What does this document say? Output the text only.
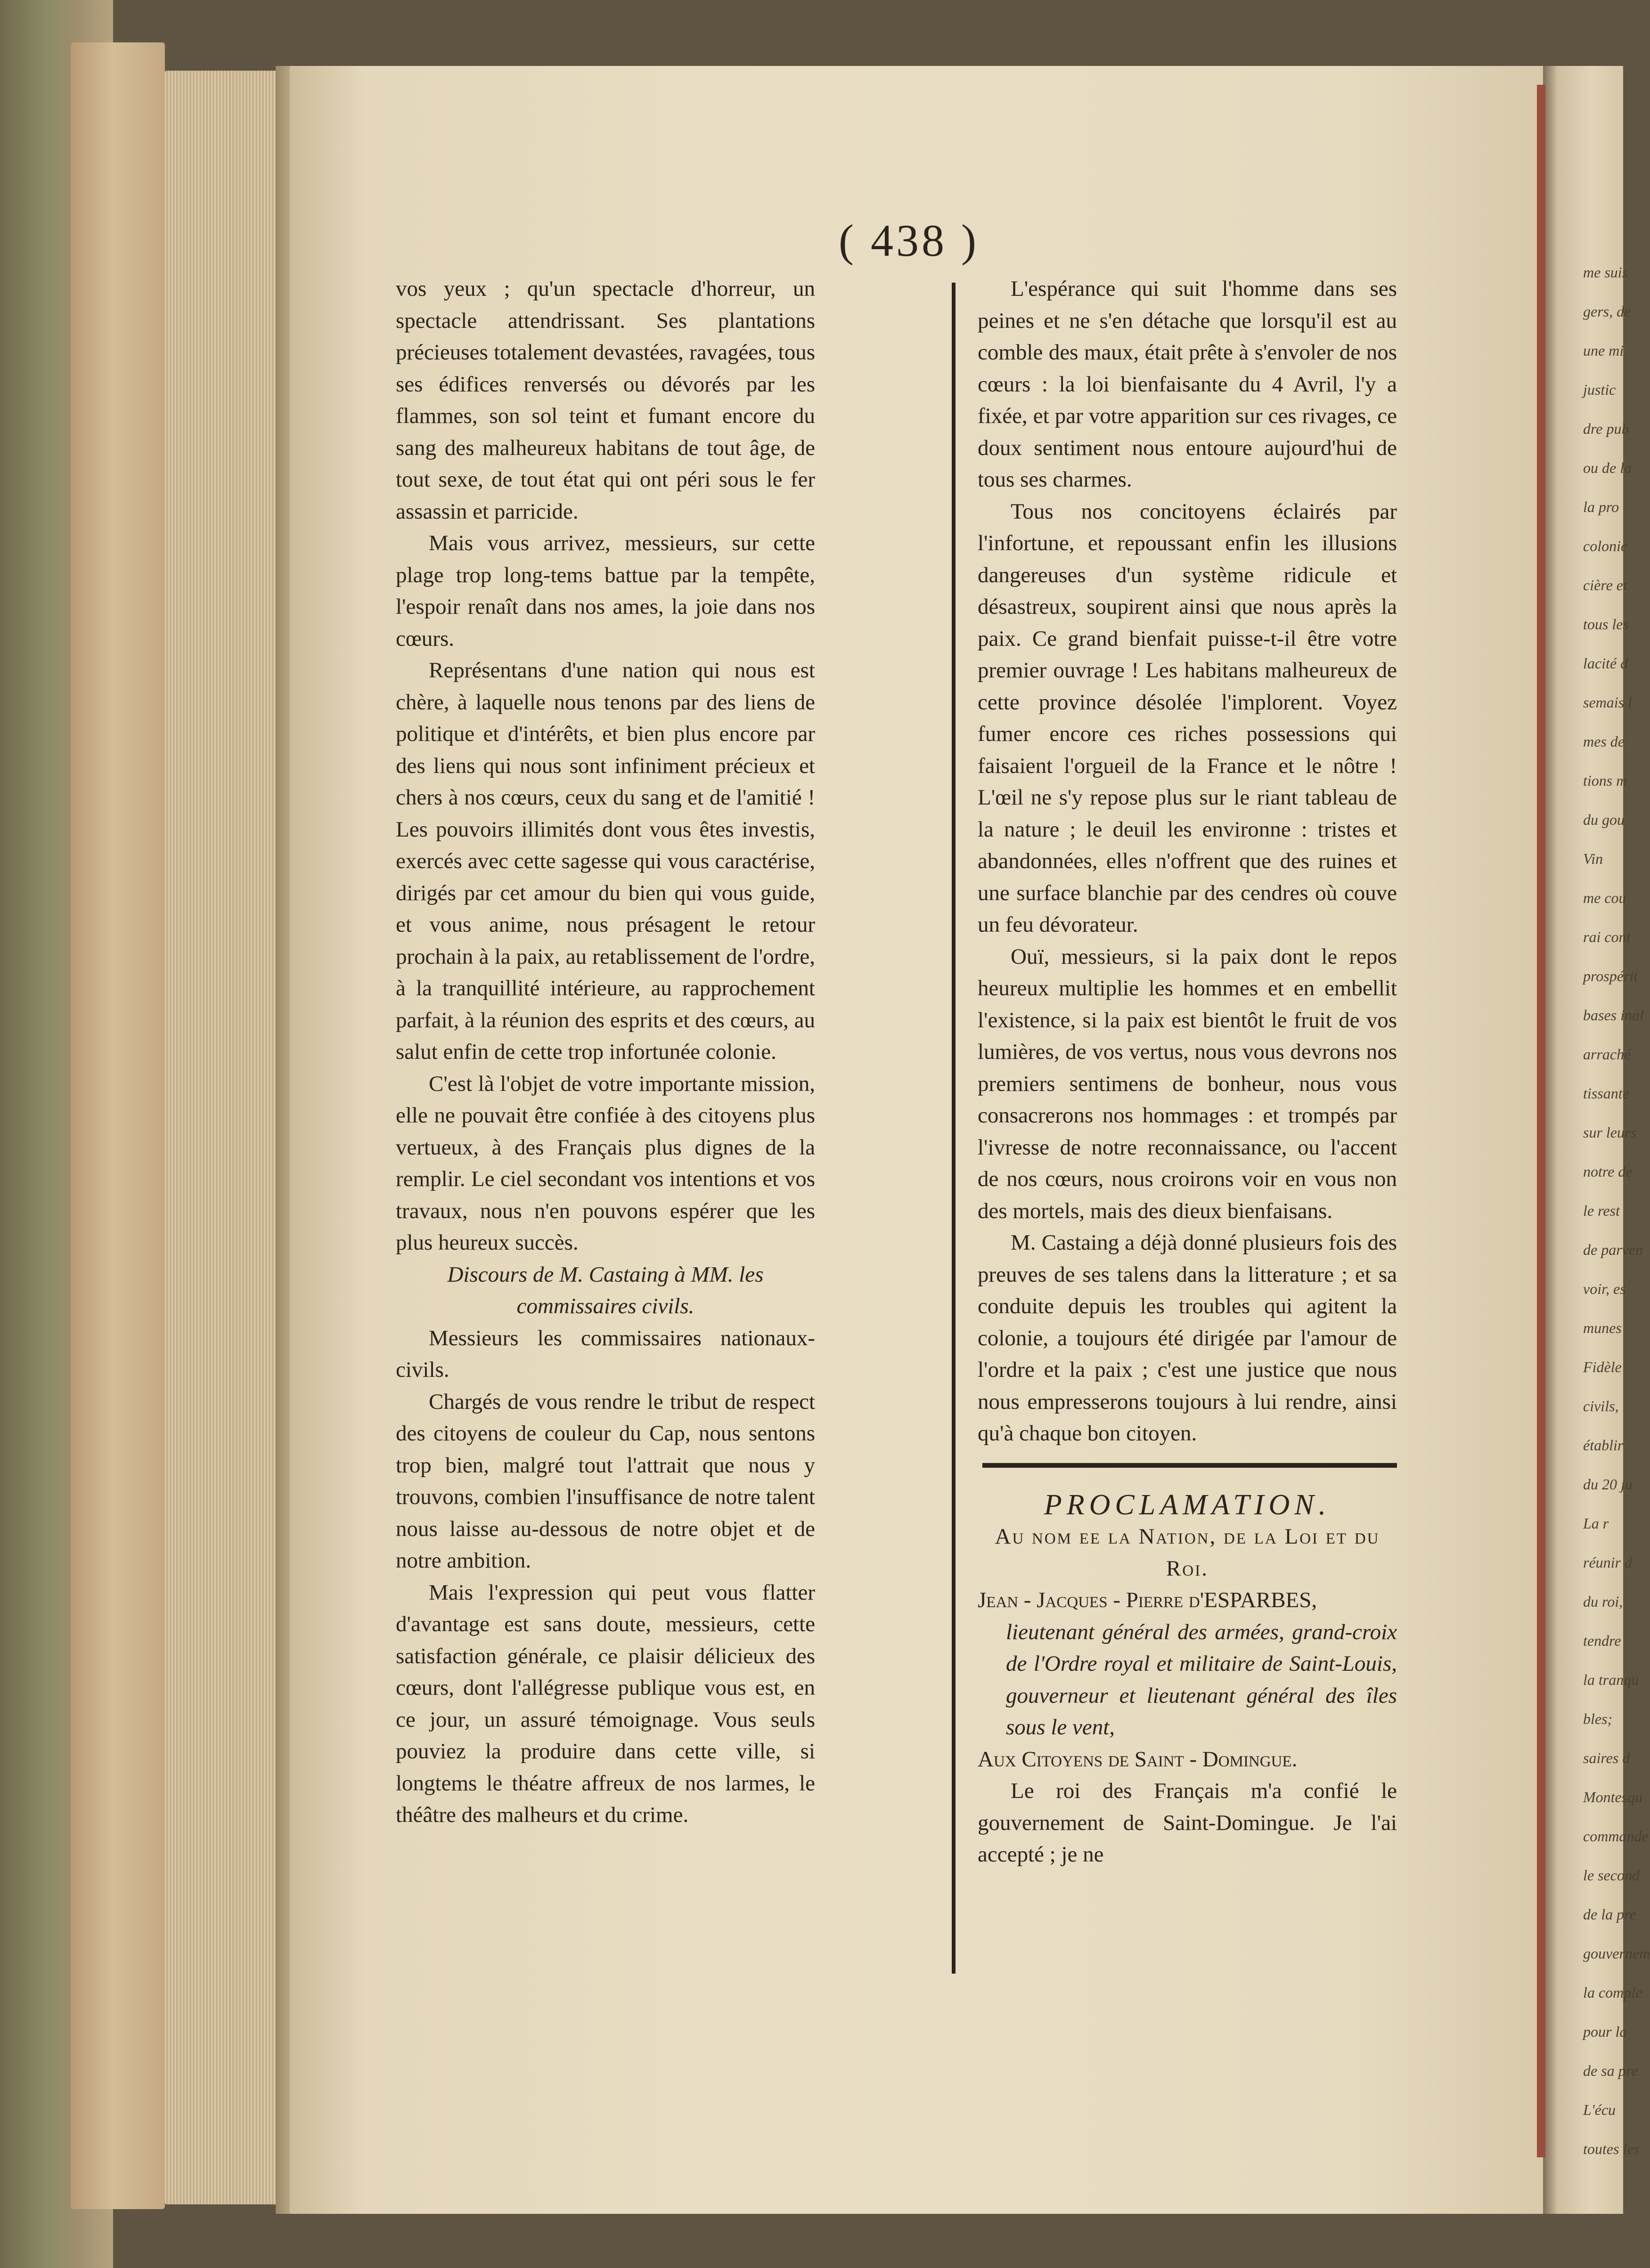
me suis
gers, de
une mi
justic
dre pub
ou de la
la pro
colonie
cière et
tous les
lacité d
semais l
mes de
tions m
du gou
Vin
me cou
rai cont
prospérit
bases inal
arraché
tissante
sur leurs
notre de
le rest
de parven
voir, es
munes
Fidèle
civils,
établir
du 20 ju
La r
réunir d
du roi,
tendre
la tranqu
bles;
saires d
Montesqu
commande
le second
de la pre
gouvernem
la comple
pour la
de sa pre
L'écu
toutes les
( 438 )

vos yeux ; qu'un spectacle d'horreur, un spectacle attendrissant. Ses plantations précieuses totalement devastées, ravagées, tous ses édifices renversés ou dévorés par les flammes, son sol teint et fumant encore du sang des malheureux habitans de tout âge, de tout sexe, de tout état qui ont péri sous le fer assassin et parricide.

Mais vous arrivez, messieurs, sur cette plage trop long-tems battue par la tempête, l'espoir renaît dans nos ames, la joie dans nos cœurs.

Représentans d'une nation qui nous est chère, à laquelle nous tenons par des liens de politique et d'intérêts, et bien plus encore par des liens qui nous sont infiniment précieux et chers à nos cœurs, ceux du sang et de l'amitié ! Les pouvoirs illimités dont vous êtes investis, exercés avec cette sagesse qui vous caractérise, dirigés par cet amour du bien qui vous guide, et vous anime, nous présagent le retour prochain à la paix, au retablissement de l'ordre, à la tranquillité intérieure, au rapprochement parfait, à la réunion des esprits et des cœurs, au salut enfin de cette trop infortunée colonie.

C'est là l'objet de votre importante mission, elle ne pouvait être confiée à des citoyens plus vertueux, à des Français plus dignes de la remplir. Le ciel secondant vos intentions et vos travaux, nous n'en pouvons espérer que les plus heureux succès.

Discours de M. Castaing à MM. les commissaires civils.

Messieurs les commissaires nationaux-civils.

Chargés de vous rendre le tribut de respect des citoyens de couleur du Cap, nous sentons trop bien, malgré tout l'attrait que nous y trouvons, combien l'insuffisance de notre talent nous laisse au-dessous de notre objet et de notre ambition.

Mais l'expression qui peut vous flatter d'avantage est sans doute, messieurs, cette satisfaction générale, ce plaisir délicieux des cœurs, dont l'allégresse publique vous est, en ce jour, un assuré témoignage. Vous seuls pouviez la produire dans cette ville, si longtems le théatre affreux de nos larmes, le théâtre des malheurs et du crime.

L'espérance qui suit l'homme dans ses peines et ne s'en détache que lorsqu'il est au comble des maux, était prête à s'envoler de nos cœurs : la loi bienfaisante du 4 Avril, l'y a fixée, et par votre apparition sur ces rivages, ce doux sentiment nous entoure aujourd'hui de tous ses charmes.

Tous nos concitoyens éclairés par l'infortune, et repoussant enfin les illusions dangereuses d'un système ridicule et désastreux, soupirent ainsi que nous après la paix. Ce grand bienfait puisse-t-il être votre premier ouvrage ! Les habitans malheureux de cette province désolée l'implorent. Voyez fumer encore ces riches possessions qui faisaient l'orgueil de la France et le nôtre ! L'œil ne s'y repose plus sur le riant tableau de la nature ; le deuil les environne : tristes et abandonnées, elles n'offrent que des ruines et une surface blanchie par des cendres où couve un feu dévorateur.

Ouï, messieurs, si la paix dont le repos heureux multiplie les hommes et en embellit l'existence, si la paix est bientôt le fruit de vos lumières, de vos vertus, nous vous devrons nos premiers sentimens de bonheur, nous vous consacrerons nos hommages : et trompés par l'ivresse de notre reconnaissance, ou l'accent de nos cœurs, nous croirons voir en vous non des mortels, mais des dieux bienfaisans.

M. Castaing a déjà donné plusieurs fois des preuves de ses talens dans la litterature ; et sa conduite depuis les troubles qui agitent la colonie, a toujours été dirigée par l'amour de l'ordre et la paix ; c'est une justice que nous nous empresserons toujours à lui rendre, ainsi qu'à chaque bon citoyen.

PROCLAMATION.

Au nom ee la Nation, de la Loi et du Roi.

Jean - Jacques - Pierre d'ESPARBES,

lieutenant général des armées, grand-croix de l'Ordre royal et militaire de Saint-Louis, gouverneur et lieutenant général des îles sous le vent,

Aux Citoyens de Saint - Domingue.

Le roi des Français m'a confié le gouvernement de Saint-Domingue. Je l'ai accepté ; je ne
